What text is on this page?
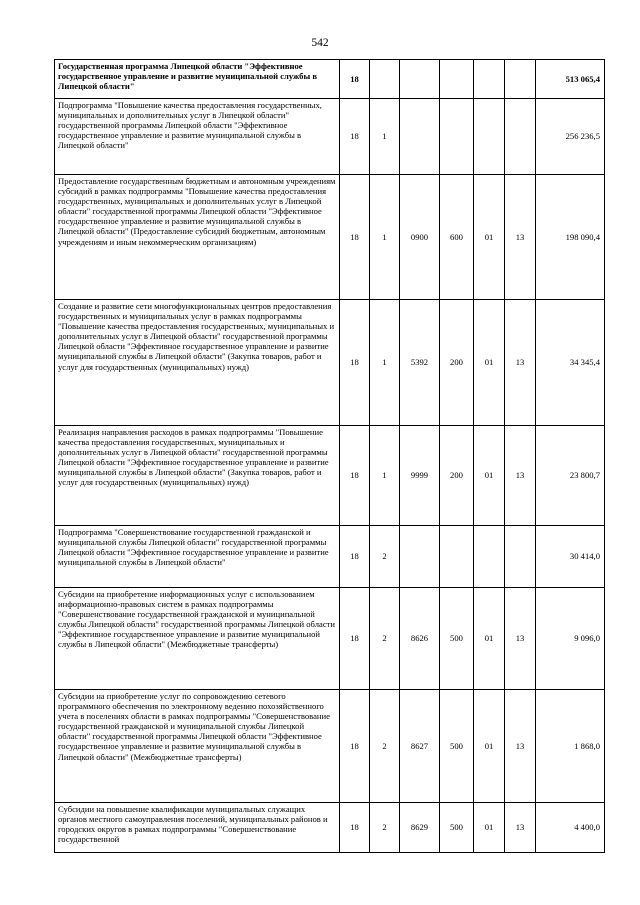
542
Государственная программа Липецкой области "Эффективное государственное управление и развитие муниципальной службы в Липецкой области"	18						513 065,4
Подпрограмма "Повышение качества предоставления государственных, муниципальных и дополнительных услуг в Липецкой области" государственной программы Липецкой области "Эффективное государственное управление и развитие муниципальной службы в Липецкой области"	18	1					256 236,5
Предоставление государственным бюджетным и автономным учреждениям субсидий в рамках подпрограммы "Повышение качества предоставления государственных, муниципальных и дополнительных услуг в Липецкой области" государственной программы Липецкой области "Эффективное государственное управление и развитие муниципальной службы в Липецкой области" (Предоставление субсидий бюджетным, автономным учреждениям и иным некоммерческим организациям)	18	1	0900	600	01	13	198 090,4
Создание и развитие сети многофункциональных центров предоставления государственных и муниципальных услуг в рамках подпрограммы "Повышение качества предоставления государственных, муниципальных и дополнительных услуг в Липецкой области" государственной программы Липецкой области "Эффективное государственное управление и развитие муниципальной службы в Липецкой области" (Закупка товаров, работ и услуг для государственных (муниципальных) нужд)	18	1	5392	200	01	13	34 345,4
Реализация направления расходов в рамках подпрограммы "Повышение качества предоставления государственных, муниципальных и дополнительных услуг в Липецкой области" государственной программы Липецкой области "Эффективное государственное управление и развитие муниципальной службы в Липецкой области" (Закупка товаров, работ и услуг для государственных (муниципальных) нужд)	18	1	9999	200	01	13	23 800,7
Подпрограмма "Совершенствование государственной гражданской и муниципальной службы Липецкой области" государственной программы Липецкой области "Эффективное государственное управление и развитие муниципальной службы в Липецкой области"	18	2					30 414,0
Субсидии на приобретение информационных услуг с использованием информационно-правовых систем в рамках подпрограммы "Совершенствование государственной гражданской и муниципальной службы Липецкой области" государственной программы Липецкой области "Эффективное государственное управление и развитие муниципальной службы в Липецкой области" (Межбюджетные трансферты)	18	2	8626	500	01	13	9 096,0
Субсидии на приобретение услуг по сопровождению сетевого программного обеспечения по электронному ведению похозяйственного учета в поселениях области в рамках подпрограммы "Совершенствование государственной гражданской и муниципальной службы Липецкой области" государственной программы Липецкой области "Эффективное государственное управление и развитие муниципальной службы в Липецкой области" (Межбюджетные трансферты)	18	2	8627	500	01	13	1 868,0
Субсидии на повышение квалификации муниципальных служащих органов местного самоуправления поселений, муниципальных районов и городских округов в рамках подпрограммы "Совершенствование государственной	18	2	8629	500	01	13	4 400,0
